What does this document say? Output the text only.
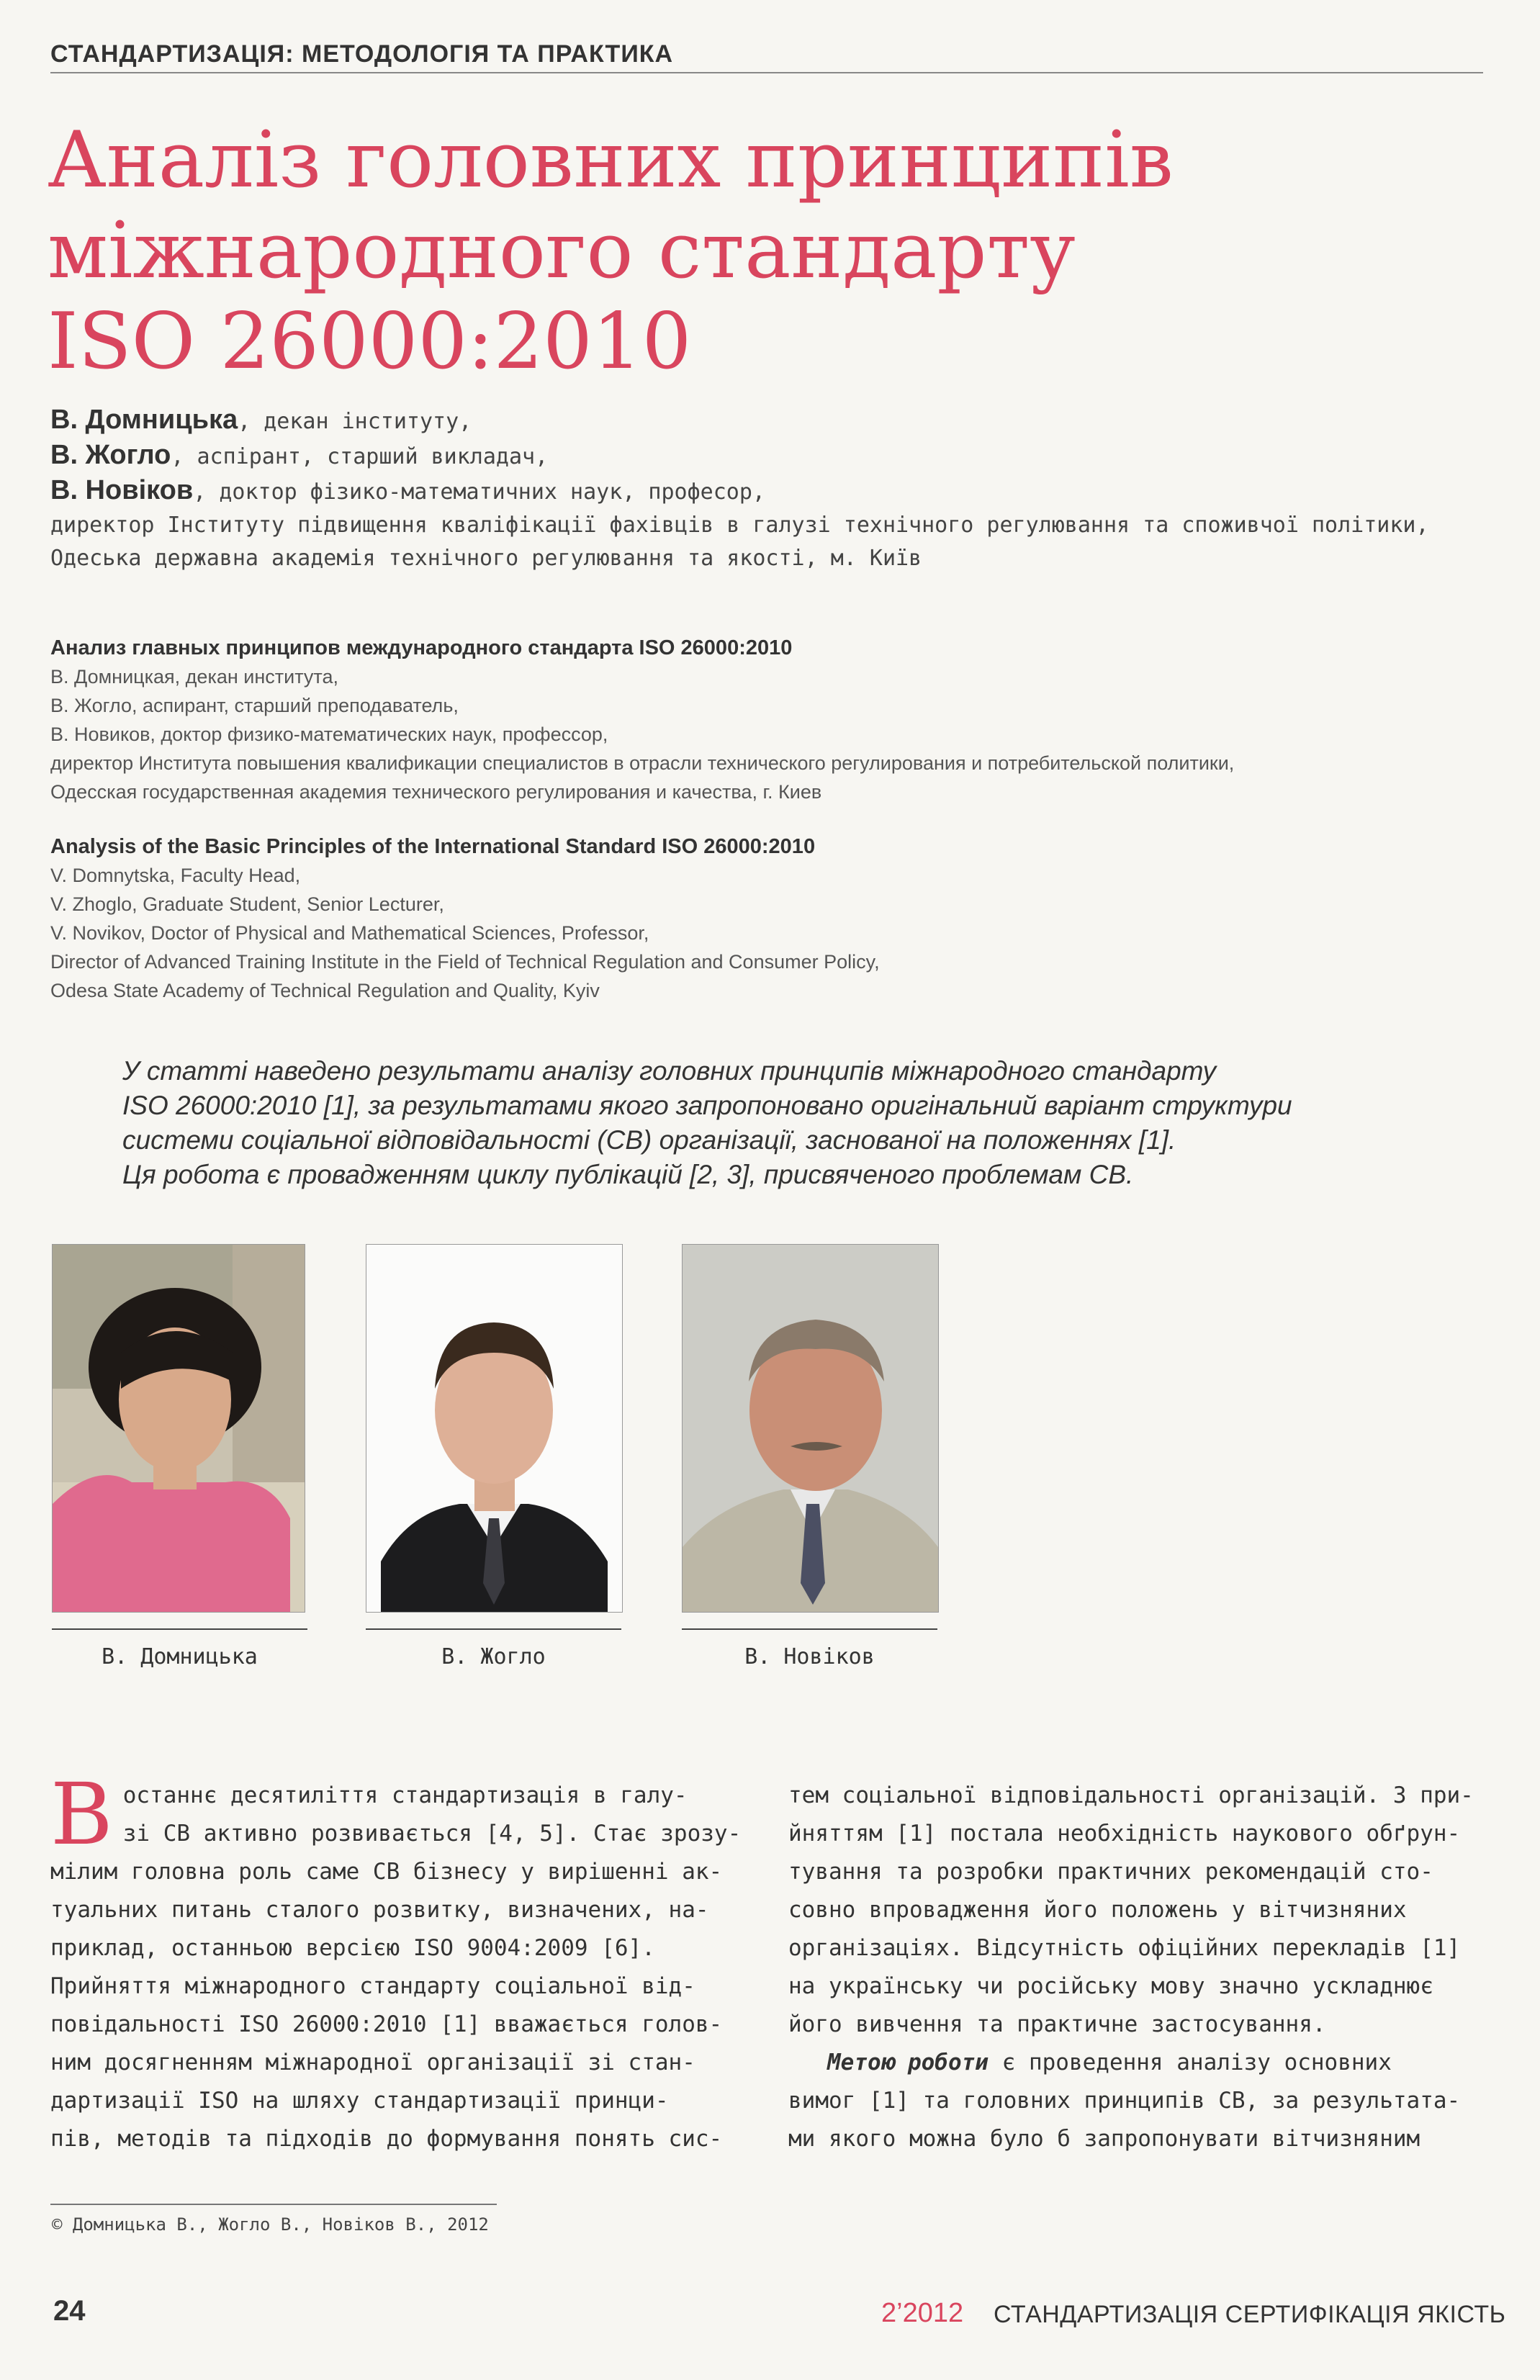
СТАНДАРТИЗАЦІЯ: МЕТОДОЛОГІЯ ТА ПРАКТИКА
Аналіз головних принципів
міжнародного стандарту
ISO 26000:2010
В. Домницька, декан інституту,
В. Жогло, аспірант, старший викладач,
В. Новіков, доктор фізико-математичних наук, професор,
директор Інституту підвищення кваліфікації фахівців в галузі технічного регулювання та споживчої політики,
Одеська державна академія технічного регулювання та якості, м. Київ
Анализ главных принципов международного стандарта ISO 26000:2010
В. Домницкая, декан института,
В. Жогло, аспирант, старший преподаватель,
В. Новиков, доктор физико-математических наук, профессор,
директор Института повышения квалификации специалистов в отрасли технического регулирования и потребительской политики,
Одесская государственная академия технического регулирования и качества, г. Киев
Analysis of the Basic Principles of the International Standard ISO 26000:2010
V. Domnytska, Faculty Head,
V. Zhoglo, Graduate Student, Senior Lecturer,
V. Novikov, Doctor of Physical and Mathematical Sciences, Professor,
Director of Advanced Training Institute in the Field of Technical Regulation and Consumer Policy,
Odesa State Academy of Technical Regulation and Quality, Kyiv
У статті наведено результати аналізу головних принципів міжнародного стандарту
ISO 26000:2010 [1], за результатами якого запропоновано оригінальний варіант структури
системи соціальної відповідальності (СВ) організації, заснованої на положеннях [1].
Ця робота є провадженням циклу публікацій [2, 3], присвяченого проблемам СВ.
В. Домницька	В. Жогло	В. Новіков
В останнє десятиліття стандартизація в галу-
зі СВ активно розвивається [4, 5]. Стає зрозу-
мілим головна роль саме СВ бізнесу у вирішенні ак-
туальних питань сталого розвитку, визначених, на-
приклад, останньою версією ISO 9004:2009 [6].
Прийняття міжнародного стандарту соціальної від-
повідальності ISO 26000:2010 [1] вважається голов-
ним досягненням міжнародної організації зі стан-
дартизації ISO на шляху стандартизації принци-
пів, методів та підходів до формування понять сис-
тем соціальної відповідальності організацій. З при-
йняттям [1] постала необхідність наукового обґрун-
тування та розробки практичних рекомендацій сто-
совно впровадження його положень у вітчизняних
організаціях. Відсутність офіційних перекладів [1]
на українську чи російську мову значно ускладнює
його вивчення та практичне застосування.
Метою роботи є проведення аналізу основних
вимог [1] та головних принципів СВ, за результата-
ми якого можна було б запропонувати вітчизняним
© Домницька В., Жогло В., Новіков В., 2012
24	2’2012 СТАНДАРТИЗАЦІЯ СЕРТИФІКАЦІЯ ЯКІСТЬ
